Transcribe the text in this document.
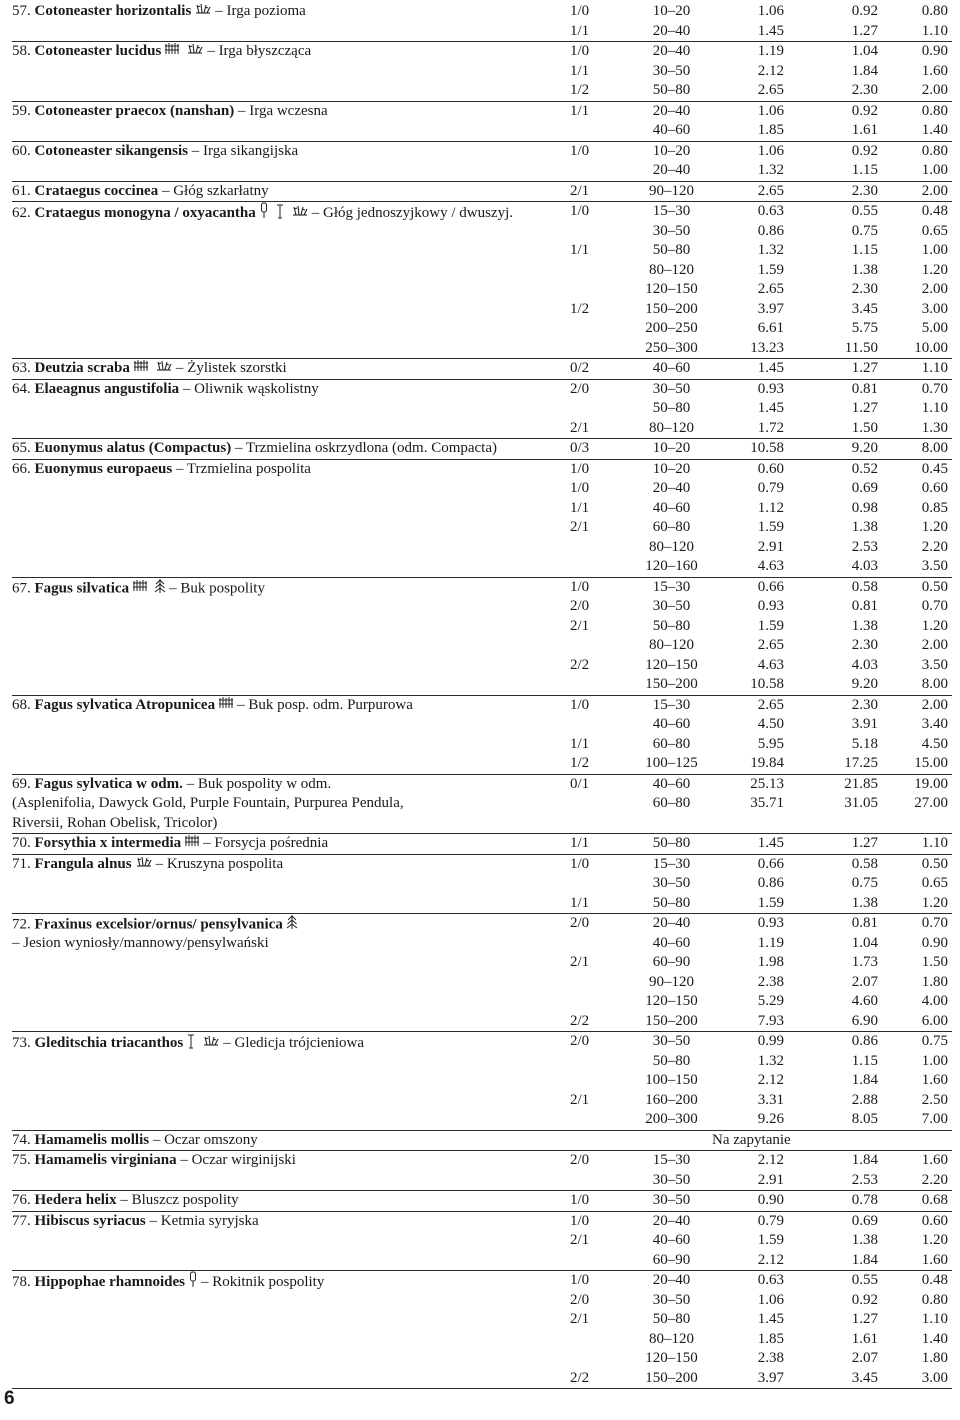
57. Cotoneaster horizontalis – Irga pozioma	1/0	10–20	1.06	0.92	0.80
1/1	20–40	1.45	1.27	1.10
58. Cotoneaster lucidus	– Irga błyszcząca	1/0	20–40	1.19	1.04	0.90
1/1	30–50	2.12	1.84	1.60
1/2	50–80	2.65	2.30	2.00
59. Cotoneaster praecox (nanshan) – Irga wczesna	1/1	20–40	1.06	0.92	0.80
40–60	1.85	1.61	1.40
60. Cotoneaster sikangensis – Irga sikangijska	1/0	10–20	1.06	0.92	0.80
20–40	1.32	1.15	1.00
61. Crataegus coccinea – Głóg szkarłatny	2/1	90–120	2.65	2.30	2.00
62. Crataegus monogyna / oxyacantha	– Głóg jednoszyjkowy / dwuszyj.	1/0	15–30	0.63	0.55	0.48
30–50	0.86	0.75	0.65
1/1	50–80	1.32	1.15	1.00
80–120	1.59	1.38	1.20
120–150	2.65	2.30	2.00
1/2	150–200	3.97	3.45	3.00
200–250	6.61	5.75	5.00
250–300	13.23	11.50	10.00
63. Deutzia scraba	– Żylistek szorstki	0/2	40–60	1.45	1.27	1.10
64. Elaeagnus angustifolia – Oliwnik wąskolistny	2/0	30–50	0.93	0.81	0.70
50–80	1.45	1.27	1.10
2/1	80–120	1.72	1.50	1.30
65. Euonymus alatus (Compactus) – Trzmielina oskrzydlona (odm. Compacta)	0/3	10–20	10.58	9.20	8.00
66. Euonymus europaeus – Trzmielina pospolita	1/0	10–20	0.60	0.52	0.45
1/0	20–40	0.79	0.69	0.60
1/1	40–60	1.12	0.98	0.85
2/1	60–80	1.59	1.38	1.20
80–120	2.91	2.53	2.20
120–160	4.63	4.03	3.50
67. Fagus silvatica	– Buk pospolity	1/0	15–30	0.66	0.58	0.50
2/0	30–50	0.93	0.81	0.70
2/1	50–80	1.59	1.38	1.20
80–120	2.65	2.30	2.00
2/2	120–150	4.63	4.03	3.50
150–200	10.58	9.20	8.00
68. Fagus sylvatica Atropunicea – Buk posp. odm. Purpurowa	1/0	15–30	2.65	2.30	2.00
40–60	4.50	3.91	3.40
1/1	60–80	5.95	5.18	4.50
1/2	100–125	19.84	17.25	15.00
69. Fagus sylvatica w odm. – Buk pospolity w odm.	0/1	40–60	25.13	21.85	19.00
(Asplenifolia, Dawyck Gold, Purple Fountain, Purpurea Pendula,	60–80	35.71	31.05	27.00
Riversii, Rohan Obelisk, Tricolor)
70. Forsythia x intermedia – Forsycja pośrednia	1/1	50–80	1.45	1.27	1.10
71. Frangula alnus – Kruszyna pospolita	1/0	15–30	0.66	0.58	0.50
30–50	0.86	0.75	0.65
1/1	50–80	1.59	1.38	1.20
72. Fraxinus excelsior/ornus/ pensylvanica	2/0	20–40	0.93	0.81	0.70
– Jesion wyniosły/mannowy/pensylwański	40–60	1.19	1.04	0.90
2/1	60–90	1.98	1.73	1.50
90–120	2.38	2.07	1.80
120–150	5.29	4.60	4.00
2/2	150–200	7.93	6.90	6.00
73. Gleditschia triacanthos	– Gledicja trójcieniowa	2/0	30–50	0.99	0.86	0.75
50–80	1.32	1.15	1.00
100–150	2.12	1.84	1.60
2/1	160–200	3.31	2.88	2.50
200–300	9.26	8.05	7.00
74. Hamamelis mollis – Oczar omszony	Na zapytanie
75. Hamamelis virginiana – Oczar wirginijski	2/0	15–30	2.12	1.84	1.60
30–50	2.91	2.53	2.20
76. Hedera helix – Bluszcz pospolity	1/0	30–50	0.90	0.78	0.68
77. Hibiscus syriacus – Ketmia syryjska	1/0	20–40	0.79	0.69	0.60
2/1	40–60	1.59	1.38	1.20
60–90	2.12	1.84	1.60
78. Hippophae rhamnoides – Rokitnik pospolity	1/0	20–40	0.63	0.55	0.48
2/0	30–50	1.06	0.92	0.80
2/1	50–80	1.45	1.27	1.10
80–120	1.85	1.61	1.40
120–150	2.38	2.07	1.80
2/2	150–200	3.97	3.45	3.00
6
